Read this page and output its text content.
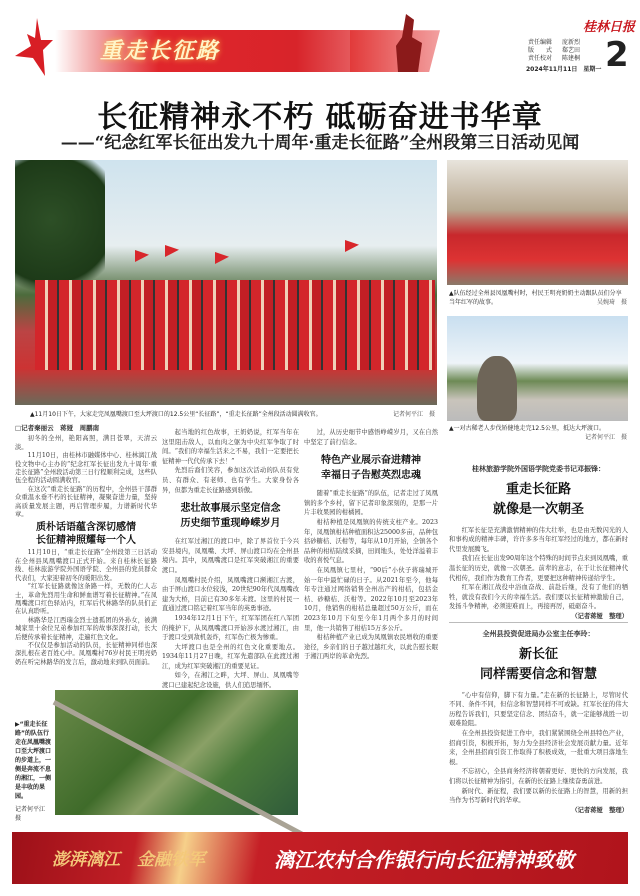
重走长征路
桂林日报
责任编辑 庞新烈
版　　式 郗艺田
责任校对 陈建桐
2024年11月11日　星期一 2
长征精神永不朽 砥砺奋进书华章
——“纪念红军长征出发九十周年·重走长征路”全州段第三日活动见闻
记者何平江　摄
▲11月10日下午，大家走完凤凰嘴渡口至大坪渡口的12.5公里“长征路”，“重走长征路”全州段活动圆满收官。
▲队伍经过全州县凤凰嘴村时，村民王明亮奶奶主动跟队员们分享当年红军的故事。	吴婉琦　摄
▲一对古稀老人步伐矫健地走完12.5公里，抵达大坪渡口。
记者何平江　摄
□记者秦丽云　蒋娅　周鹏南

初冬的全州，艳阳高照，满目苍翠，天清云淡。

11月10日，由桂林市融媒体中心、桂林漓江战役文物中心主办的“纪念红军长征出发九十周年·重走长征路”全州段活动第三日行程顺利完成，这些队伍全程的活动圆满收官。

在这次“重走长征路”的历程中，全州县干部群众重温永垂不朽的长征精神，凝聚奋进力量，坚持高质量发展主题，再启管理步履，力谱新时代华章。

质朴话语蕴含深切感情
长征精神照耀每一个人

11月10日，“重走长征路”全州段第三日活动在全州县凤凰嘴渡口正式开始。来自桂林长征路线、桂林旅游学院外国语学院、全州县的党员群众代表们，大家迎着初冬的暖阳出发。

“红军长征路就像这条路一样，无数的仁人志士，革命先烈用生命和鲜血谱写着长征精神。”在凤凰嘴渡口红色驿站内，红军后代林路华的队员们正在认真聆听。

林路华是江西瑞金烈士遗孤团的外孙女，被满城家里十余位兄弟参加红军的故事深深打动，长大后便传承着长征精神，走遍红色文化。

不仅仅是参加活动的队员，长征精神同样也深深扎根在老百姓心中。凤凰嘴村76岁村民王明亮奶奶在听完林路华的发言后，激动地来到队员面前。

起当地的红色故事，王奶奶说，红军当年在这里阻击敌人，以血肉之躯为中央红军争取了时间。“我们的幸福生活来之不易，我们一定要把长征精神一代代传承下去！”

先烈后裔们笑容，参加这次活动的队员有党员、有群众、有老师、也有学生。大家身份各异，但都为重走长征路感到骄傲。

悲壮故事展示坚定信念
历史细节重现峥嵘岁月

在红军过湘江的渡口中，除了界首位于今兴安县境内，凤凰嘴、大坪、屏山渡口均在全州县境内。其中，凤凰嘴渡口是红军突破湘江的重要渡口。

凤凰嘴村民介绍，凤凰嘴渡口濒湘江古渡，由于屏山渡口水位较浅，20世纪90年代凤凰嘴改建为大桥，目前已有30多年未渡。这里的村民一直通过渡口铭记着红军当年的英勇事迹。

1934年12月1日下午，红军军团在红八军团的掩护下，从凤凰嘴渡口开始涉水渡过湘江，由于渡口受到敌机轰炸，红军伤亡极为惨重。

大坪渡口也是全州的红色文化重要地点。1934年11月27日晚，红军先遣部队在此渡过湘江，成为红军突破湘江的重要见证。

如今，在湘江之畔，大坪、屏山、凤凰嘴等渡口已建起纪念设施，供人们追思缅怀。

过，从历史细节中感悟峥嵘岁月，又在自然中坚定了前行信念。

特色产业展示奋进精神
幸福日子告慰英烈忠魂

随着“重走长征路”的队伍，记者走过了凤凰镇的多个乡村，留下记者印象深刻的，是那一片片丰收果园的柑橘园。

柑桔种植是凤凰镇的传统支柱产业。2023年，凤凰镇柑桔种植面积达25000多亩，品种包括砂糖桔、沃柑等，每年从10月开始，全镇各个品种的柑桔陆续采摘，田间地头，处处洋溢着丰收的喜悦气息。

在凤凰镇七里村，“90后”小伙子蒋瑞城开始一年中最忙碌的日子。从2021年至今，他每年专注通过网络销售全州出产的柑桔，包括金桔、砂糖桔、沃柑等。2022年10月至2023年10月，他销售的柑桔总量超过50万公斤，而在2023年10月下旬至今年1月两个多月的时间里，他一共销售了柑桔15万多公斤。

柑桔种植产业已成为凤凰镇农民增收的重要途径，乡亲们的日子越过越红火，以此告慰长眠于湘江两岸的革命先烈。

▶“重走长征路”的队伍行走在凤凰嘴渡口至大坪渡口的步道上，一侧是奔流不息的湘江，一侧是丰收的果园。
记者何平江　摄
桂林旅游学院外国语学院党委书记邓振锋：
重走长征路
就像是一次朝圣

红军长征是充满激情精神的伟大壮举，也是由无数闪光的人和事构成的精神丰碑，许许多多当年红军经过的地方，都在新时代里发展腾飞。

我们在长征出发90周年这个特殊的时间节点来到凤凰嘴，重温长征的历史，就像一次朝圣。前辈的意志，在于让长征精神代代相传，我们作为教育工作者，更要把这种精神传递给学生。

红军在湘江战役中浴血奋战、前赴后继，没有了他们的牺牲，就没有我们今天的幸福生活。我们要以长征精神激励自己，发扬斗争精神，必须迎难而上，再接再厉，砥砺奋斗。

（记者蒋娅　整理）
全州县投资促进局办公室主任李玲：
新长征
同样需要信念和智慧

“心中有信仰，脚下有力量。”走在新的长征路上，尽管时代不同、条件不同，但信念和智慧同样不可或缺。红军长征的伟大历程告诉我们，只要坚定信念、团结奋斗，就一定能够战胜一切艰难险阻。

在全州县投资促进工作中，我们紧紧围绕全州县特色产业，招商引资，积极开拓，努力为全县经济社会发展贡献力量。近年来，全州县招商引资工作取得了积极成效，一批重大项目落地生根。

不忘初心，全县商务经济将朝着更好、更快的方向发展，我们将以长征精神为指引，在新的长征路上继续奋勇前进。

新时代、新征程，我们要以新的长征路上的智慧，用新的担当作为书写新时代的华章。

（记者蒋娅　整理）
澎湃漓江　金融铁军	漓江农村合作银行向长征精神致敬
